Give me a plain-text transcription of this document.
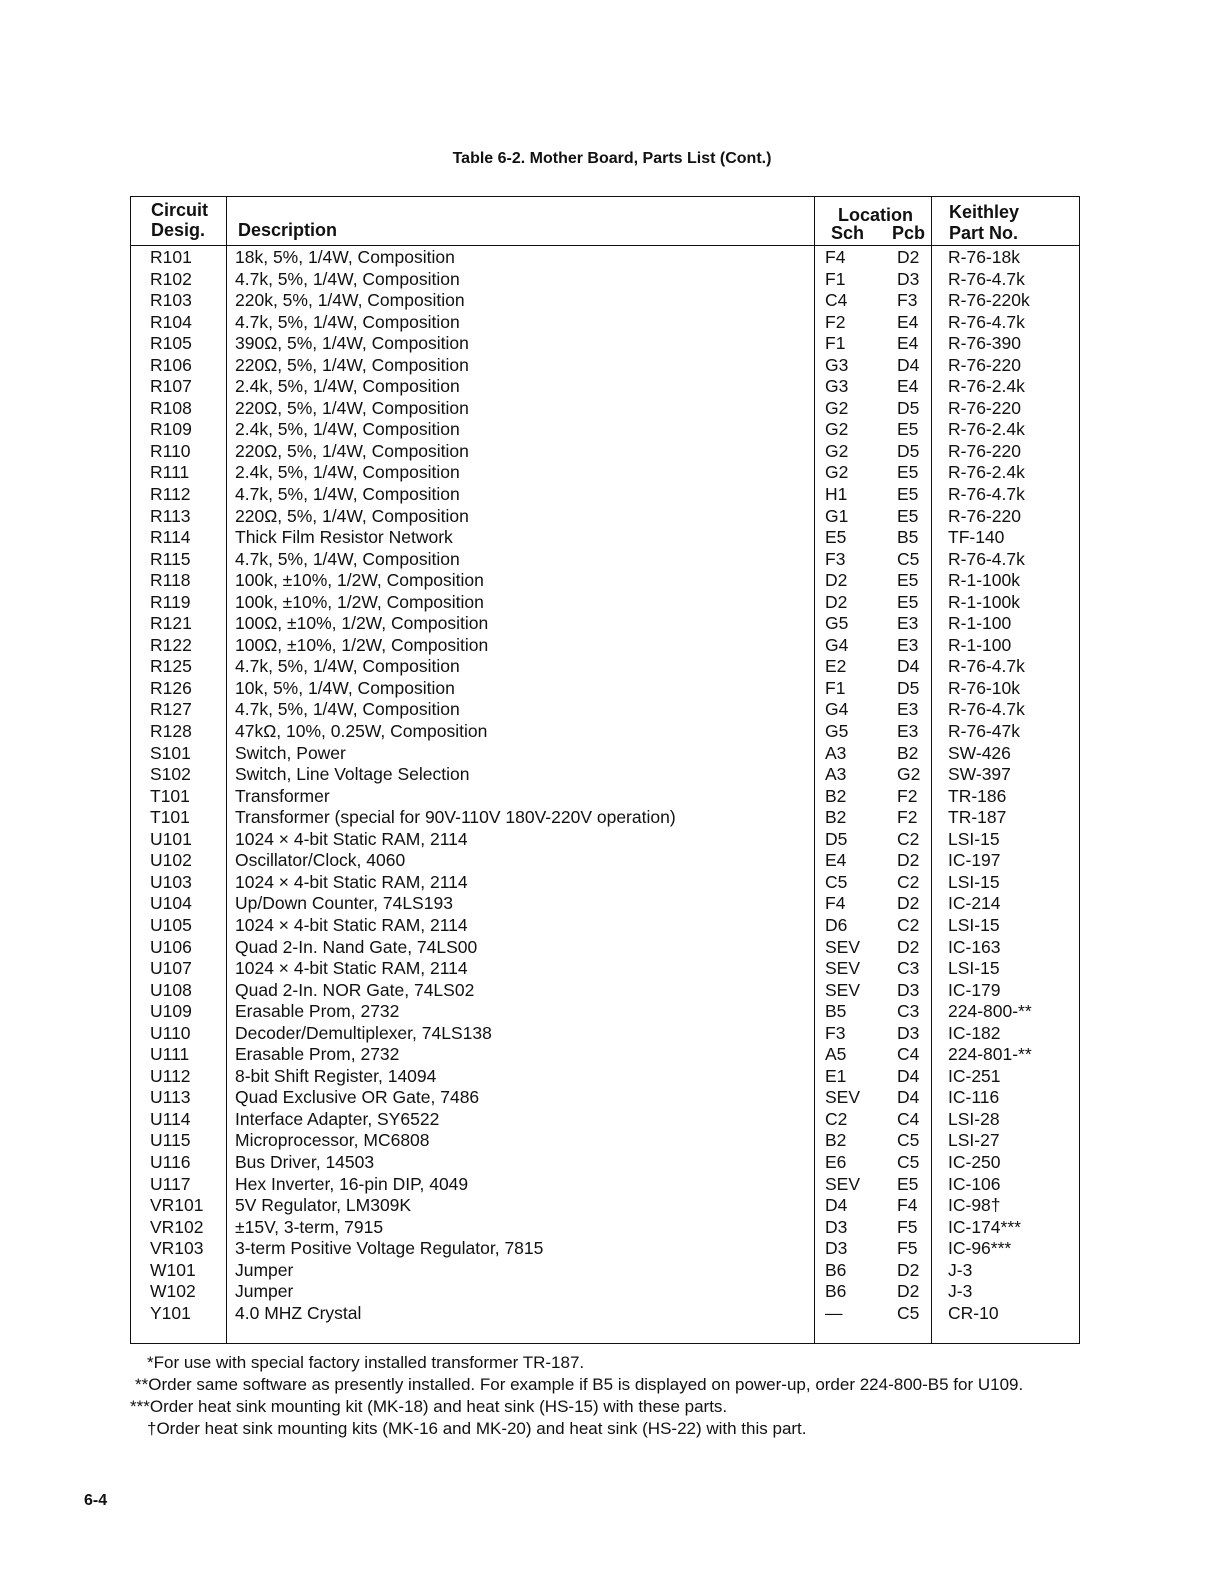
Table 6-2. Mother Board, Parts List (Cont.)
Circuit
Desig. Description
Location
Sch Pcb
Keithley
Part No.
R101 18k, 5%, 1/4W, Composition	F4	D2 R-76-18k
R102 4.7k, 5%, 1/4W, Composition	F1	D3 R-76-4.7k
R103 220k, 5%, 1/4W, Composition	C4	F3 R-76-220k
R104 4.7k, 5%, 1/4W, Composition	F2	E4 R-76-4.7k
R105 390Ω, 5%, 1/4W, Composition	F1	E4 R-76-390
R106 220Ω, 5%, 1/4W, Composition	G3	D4 R-76-220
R107 2.4k, 5%, 1/4W, Composition	G3	E4 R-76-2.4k
R108 220Ω, 5%, 1/4W, Composition	G2	D5 R-76-220
R109 2.4k, 5%, 1/4W, Composition	G2	E5 R-76-2.4k
R110	220Ω, 5%, 1/4W, Composition	G2	D5 R-76-220
R111	2.4k, 5%, 1/4W, Composition	G2	E5 R-76-2.4k
R112	4.7k, 5%, 1/4W, Composition	H1	E5 R-76-4.7k
R113	220Ω, 5%, 1/4W, Composition	G1	E5 R-76-220
R114	Thick Film Resistor Network	E5	B5 TF-140
R115	4.7k, 5%, 1/4W, Composition	F3	C5 R-76-4.7k
R118	100k, ±10%, 1/2W, Composition	D2	E5 R-1-100k
R119	100k, ±10%, 1/2W, Composition	D2	E5 R-1-100k
R121 100Ω, ±10%, 1/2W, Composition	G5	E3 R-1-100
R122 100Ω, ±10%, 1/2W, Composition	G4	E3 R-1-100
R125 4.7k, 5%, 1/4W, Composition	E2	D4 R-76-4.7k
R126 10k, 5%, 1/4W, Composition	F1	D5 R-76-10k
R127 4.7k, 5%, 1/4W, Composition	G4	E3 R-76-4.7k
R128 47kΩ, 10%, 0.25W, Composition	G5	E3 R-76-47k
S101	Switch, Power	A3	B2 SW-426
S102	Switch, Line Voltage Selection	A3	G2 SW-397
T101	Transformer	B2	F2 TR-186
T101	Transformer (special for 90V-110V 180V-220V operation)	B2	F2 TR-187
U101 1024 × 4-bit Static RAM, 2114	D5	C2 LSI-15
U102 Oscillator/Clock, 4060	E4	D2 IC-197
U103 1024 × 4-bit Static RAM, 2114	C5	C2 LSI-15
U104 Up/Down Counter, 74LS193	F4	D2 IC-214
U105 1024 × 4-bit Static RAM, 2114	D6	C2 LSI-15
U106 Quad 2-In. Nand Gate, 74LS00	SEV D2 IC-163
U107 1024 × 4-bit Static RAM, 2114	SEV C3 LSI-15
U108 Quad 2-In. NOR Gate, 74LS02	SEV D3 IC-179
U109 Erasable Prom, 2732	B5	C3 224-800-**
U110	Decoder/Demultiplexer, 74LS138	F3	D3 IC-182
U111	Erasable Prom, 2732	A5	C4 224-801-**
U112	8-bit Shift Register, 14094	E1	D4 IC-251
U113	Quad Exclusive OR Gate, 7486	SEV D4 IC-116
U114	Interface Adapter, SY6522	C2	C4 LSI-28
U115	Microprocessor, MC6808	B2	C5 LSI-27
U116	Bus Driver, 14503	E6	C5 IC-250
U117	Hex Inverter, 16-pin DIP, 4049	SEV E5 IC-106
VR101 5V Regulator, LM309K	D4	F4 IC-98†
VR102 ±15V, 3-term, 7915	D3	F5 IC-174***
VR103 3-term Positive Voltage Regulator, 7815	D3	F5 IC-96***
W101 Jumper	B6	D2 J-3
W102 Jumper	B6	D2 J-3
Y101	4.0 MHZ Crystal	—	C5 CR-10
*For use with special factory installed transformer TR-187.
**Order same software as presently installed. For example if B5 is displayed on power-up, order 224-800-B5 for U109.
***Order heat sink mounting kit (MK-18) and heat sink (HS-15) with these parts.
†Order heat sink mounting kits (MK-16 and MK-20) and heat sink (HS-22) with this part.
6-4
